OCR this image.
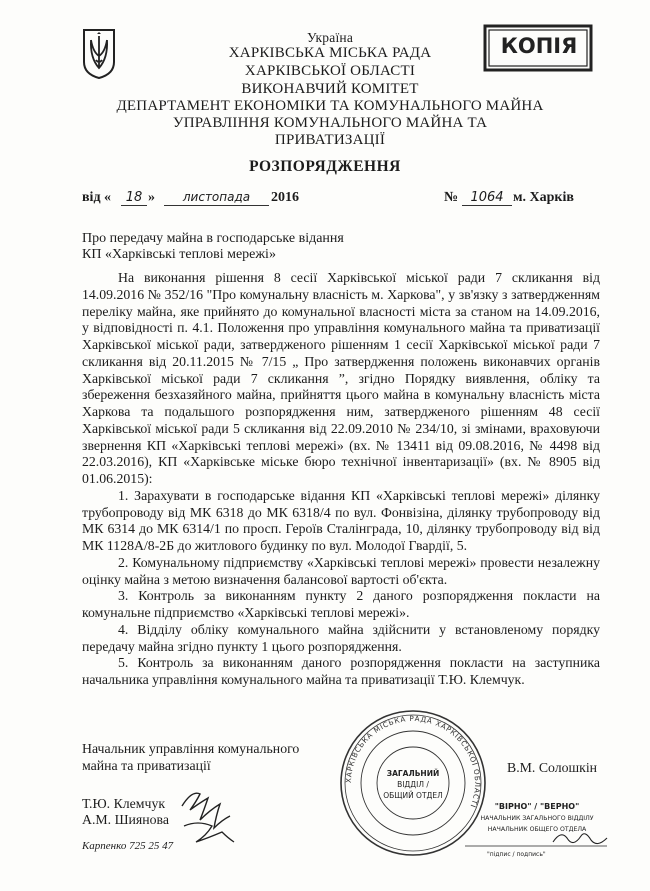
КОПІЯ
Україна
ХАРКІВСЬКА МІСЬКА РАДА
ХАРКІВСЬКОЇ ОБЛАСТІ
ВИКОНАВЧИЙ КОМІТЕТ
ДЕПАРТАМЕНТ ЕКОНОМІКИ ТА КОМУНАЛЬНОГО МАЙНА
УПРАВЛІННЯ КОМУНАЛЬНОГО МАЙНА ТА
ПРИВАТИЗАЦІЇ
РОЗПОРЯДЖЕННЯ
від «	18 »	листопада	2016	№ 1064 м. Харків
Про передачу майна в господарське відання
КП «Харківські теплові мережі»

На виконання рішення 8 сесії Харківської міської ради 7 скликання від 14.09.2016 № 352/16 "Про комунальну власність м. Харкова", у зв'язку з затвердженням переліку майна, яке прийнято до комунальної власності міста за станом на 14.09.2016, у відповідності п. 4.1. Положення про управління комунального майна та приватизації Харківської міської ради, затвердженого рішенням 1 сесії Харківської міської ради 7 скликання від 20.11.2015 № 7/15 „ Про затвердження положень виконавчих органів Харківської міської ради 7 скликання ”, згідно Порядку виявлення, обліку та збереження безхазяйного майна, прийняття цього майна в комунальну власність міста Харкова та подальшого розпорядження ним, затвердженого рішенням 48 сесії Харківської міської ради 5 скликання від 22.09.2010 № 234/10, зі змінами, враховуючи звернення КП «Харківські теплові мережі» (вх. № 13411 від 09.08.2016, № 4498 від 22.03.2016), КП «Харківське міське бюро технічної інвентаризації» (вх. № 8905 від 01.06.2015):

1. Зарахувати в господарське відання КП «Харківські теплові мережі» ділянку трубопроводу від МК 6318 до МК 6318/4 по вул. Фонвізіна, ділянку трубопроводу від МК 6314 до МК 6314/1 по просп. Героїв Сталінграда, 10, ділянку трубопроводу від від МК 1128А/8-2Б до житлового будинку по вул. Молодої Гвардії, 5.

2. Комунальному підприємству «Харківські теплові мережі» провести незалежну оцінку майна з метою визначення балансової вартості об'єкта.

3. Контроль за виконанням пункту 2 даного розпорядження покласти на комунальне підприємство «Харківські теплові мережі».

4. Відділу обліку комунального майна здійснити у встановленому порядку передачу майна згідно пункту 1 цього розпорядження.

5. Контроль за виконанням даного розпорядження покласти на заступника начальника управління комунального майна та приватизації Т.Ю. Клемчук.

Начальник управління комунального
майна та приватизації	В.М. Солошкін
Т.Ю. Клемчук
А.М. Шиянова
Карпенко 725 25 47
ХАРКІВСЬКА МІСЬКА РАДА ХАРКІВСЬКОЇ ОБЛАСТІ
ЗАГАЛЬНИЙ
ВІДДІЛ /
ОБЩИЙ ОТДЕЛ
"ВІРНО" / "ВЕРНО"
НАЧАЛЬНИК ЗАГАЛЬНОГО ВІДДІЛУ
НАЧАЛЬНИК ОБЩЕГО ОТДЕЛА
"підпис / подпись"
